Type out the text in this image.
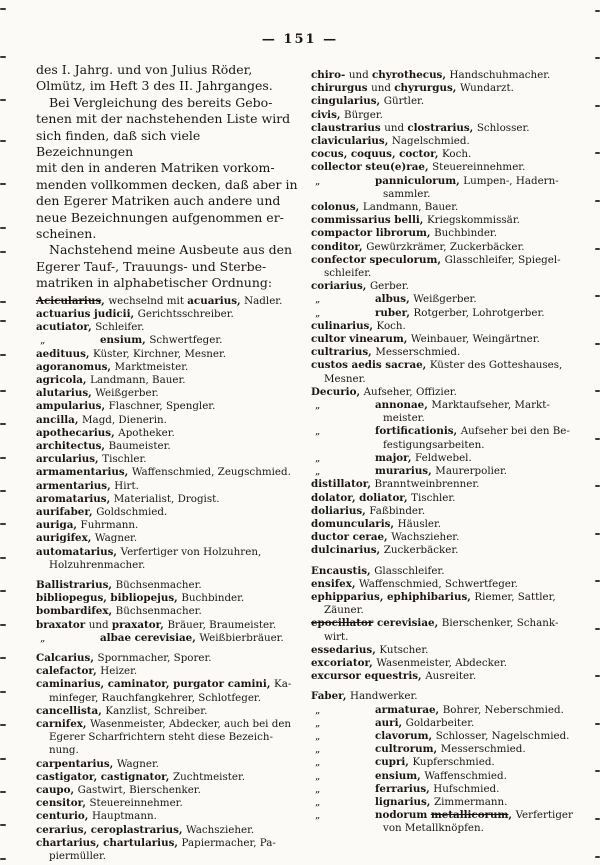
— 151 —
des I. Jahrg. und von Julius Röder,
Olmütz, im Heft 3 des II. Jahrganges.
Bei Vergleichung des bereits Gebo-
tenen mit der nachstehenden Liste wird
sich finden, daß sich viele Bezeichnungen
mit den in anderen Matriken vorkom-
menden vollkommen decken, daß aber in
den Egerer Matriken auch andere und
neue Bezeichnungen aufgenommen er-
scheinen.
Nachstehend meine Ausbeute aus den
Egerer Tauf-, Trauungs- und Sterbe-
matriken in alphabetischer Ordnung:
Acicularius, wechselnd mit acuarius, Nadler.
actuarius judicii, Gerichtsschreiber.
acutiator, Schleifer.
„	ensium, Schwertfeger.
aedituus, Küster, Kirchner, Mesner.
agoranomus, Marktmeister.
agricola, Landmann, Bauer.
alutarius, Weißgerber.
ampularius, Flaschner, Spengler.
ancilla, Magd, Dienerin.
apothecarius, Apotheker.
architectus, Baumeister.
arcularius, Tischler.
armamentarius, Waffenschmied, Zeugschmied.
armentarius, Hirt.
aromatarius, Materialist, Drogist.
aurifaber, Goldschmied.
auriga, Fuhrmann.
aurigifex, Wagner.
automatarius, Verfertiger von Holzuhren,
Holzuhrenmacher.
Ballistrarius, Büchsenmacher.
bibliopegus, bibliopejus, Buchbinder.
bombardifex, Büchsenmacher.
braxator und praxator, Bräuer, Braumeister.
„	albae cerevisiae, Weißbierbräuer.
Calcarius, Spornmacher, Sporer.
calefactor, Heizer.
caminarius, caminator, purgator camini, Ka-
minfeger, Rauchfangkehrer, Schlotfeger.
cancellista, Kanzlist, Schreiber.
carnifex, Wasenmeister, Abdecker, auch bei den
Egerer Scharfrichtern steht diese Bezeich-
nung.
carpentarius, Wagner.
castigator, castignator, Zuchtmeister.
caupo, Gastwirt, Bierschenker.
censitor, Steuereinnehmer.
centurio, Hauptmann.
cerarius, ceroplastrarius, Wachszieher.
chartarius, chartularius, Papiermacher, Pa-
piermüller.
chiro- und chyrothecus, Handschuhmacher.
chirurgus und chyrurgus, Wundarzt.
cingularius, Gürtler.
civis, Bürger.
claustrarius und clostrarius, Schlosser.
clavicularius, Nagelschmied.
cocus, coquus, coctor, Koch.
collector steu(e)rae, Steuereinnehmer.
„	panniculorum, Lumpen-, Hadern-
sammler.
colonus, Landmann, Bauer.
commissarius belli, Kriegskommissär.
compactor librorum, Buchbinder.
conditor, Gewürzkrämer, Zuckerbäcker.
confector speculorum, Glasschleifer, Spiegel-
schleifer.
coriarius, Gerber.
„	albus, Weißgerber.
„	ruber, Rotgerber, Lohrotgerber.
culinarius, Koch.
cultor vinearum, Weinbauer, Weingärtner.
cultrarius, Messerschmied.
custos aedis sacrae, Küster des Gotteshauses,
Mesner.
Decurio, Aufseher, Offizier.
„	annonae, Marktaufseher, Markt-
meister.
„	fortificationis, Aufseher bei den Be-
festigungsarbeiten.
„	major, Feldwebel.
„	murarius, Maurerpolier.
distillator, Branntweinbrenner.
dolator, doliator, Tischler.
doliarius, Faßbinder.
domuncularis, Häusler.
ductor cerae, Wachszieher.
dulcinarius, Zuckerbäcker.
Encaustis, Glasschleifer.
ensifex, Waffenschmied, Schwertfeger.
ephipparius, ephiphibarius, Riemer, Sattler,
Zäuner.
epocillator cerevisiae, Bierschenker, Schank-
wirt.
essedarius, Kutscher.
excoriator, Wasenmeister, Abdecker.
excursor equestris, Ausreiter.
Faber, Handwerker.
„	armaturae, Bohrer, Neberschmied.
„	auri, Goldarbeiter.
„	clavorum, Schlosser, Nagelschmied.
„	cultrorum, Messerschmied.
„	cupri, Kupferschmied.
„	ensium, Waffenschmied.
„	ferrarius, Hufschmied.
„	lignarius, Zimmermann.
„	nodorum metallicorum, Verfertiger
von Metallknöpfen.
